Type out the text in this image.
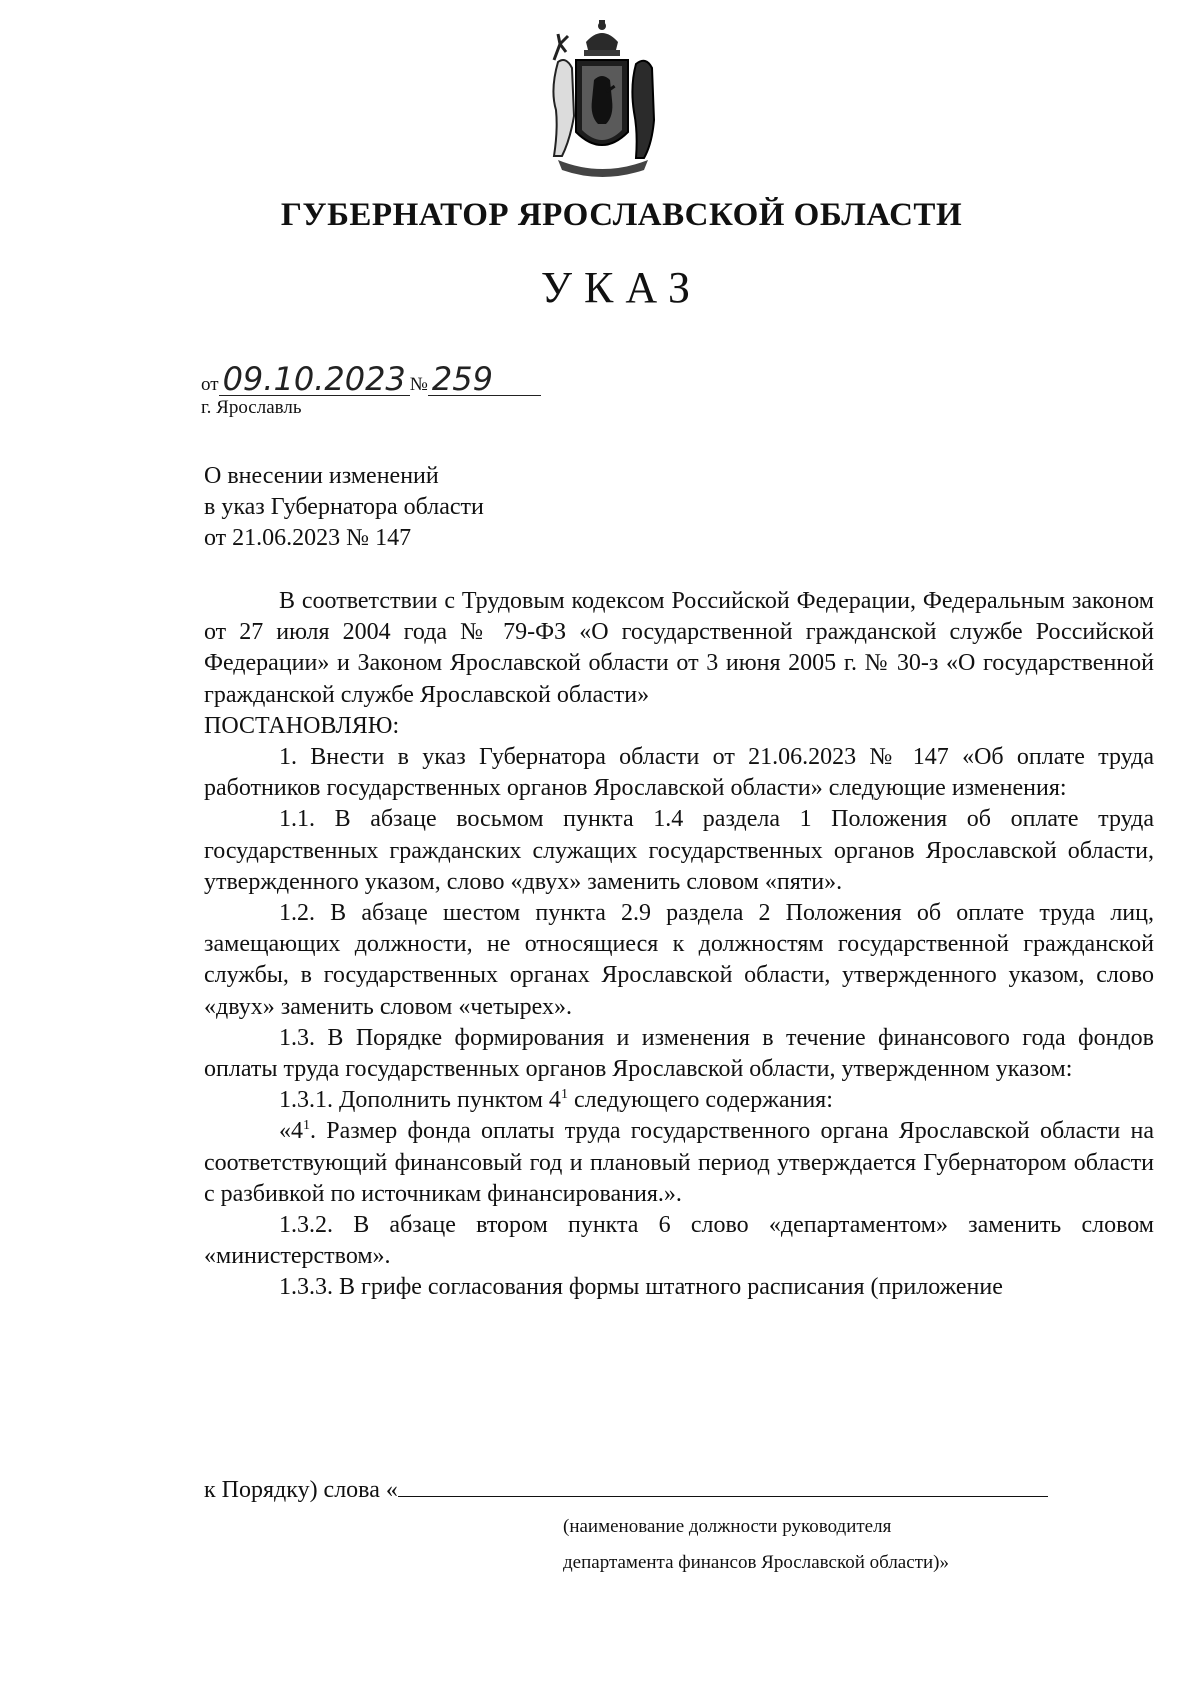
ГУБЕРНАТОР ЯРОСЛАВСКОЙ ОБЛАСТИ
УКАЗ
от 09.10.2023 № 259
г. Ярославль
О внесении изменений
в указ Губернатора области
от 21.06.2023 № 147

В соответствии с Трудовым кодексом Российской Федерации, Федеральным законом от 27 июля 2004 года № 79-ФЗ «О государственной гражданской службе Российской Федерации» и Законом Ярославской области от 3 июня 2005 г. № 30-з «О государственной гражданской службе Ярославской области»

ПОСТАНОВЛЯЮ:

1. Внести в указ Губернатора области от 21.06.2023 № 147 «Об оплате труда работников государственных органов Ярославской области» следующие изменения:

1.1. В абзаце восьмом пункта 1.4 раздела 1 Положения об оплате труда государственных гражданских служащих государственных органов Ярославской области, утвержденного указом, слово «двух» заменить словом «пяти».

1.2. В абзаце шестом пункта 2.9 раздела 2 Положения об оплате труда лиц, замещающих должности, не относящиеся к должностям государственной гражданской службы, в государственных органах Ярославской области, утвержденного указом, слово «двух» заменить словом «четырех».

1.3. В Порядке формирования и изменения в течение финансового года фондов оплаты труда государственных органов Ярославской области, утвержденном указом:

1.3.1. Дополнить пунктом $4^1$ следующего содержания:

«$4^1$. Размер фонда оплаты труда государственного органа Ярославской области на соответствующий финансовый год и плановый период утверждается Губернатором области с разбивкой по источникам финансирования.».

1.3.2. В абзаце втором пункта 6 слово «департаментом» заменить словом «министерством».

1.3.3. В грифе согласования формы штатного расписания (приложение

к Порядку) слова «
(наименование должности руководителя
департамента финансов Ярославской области)»
